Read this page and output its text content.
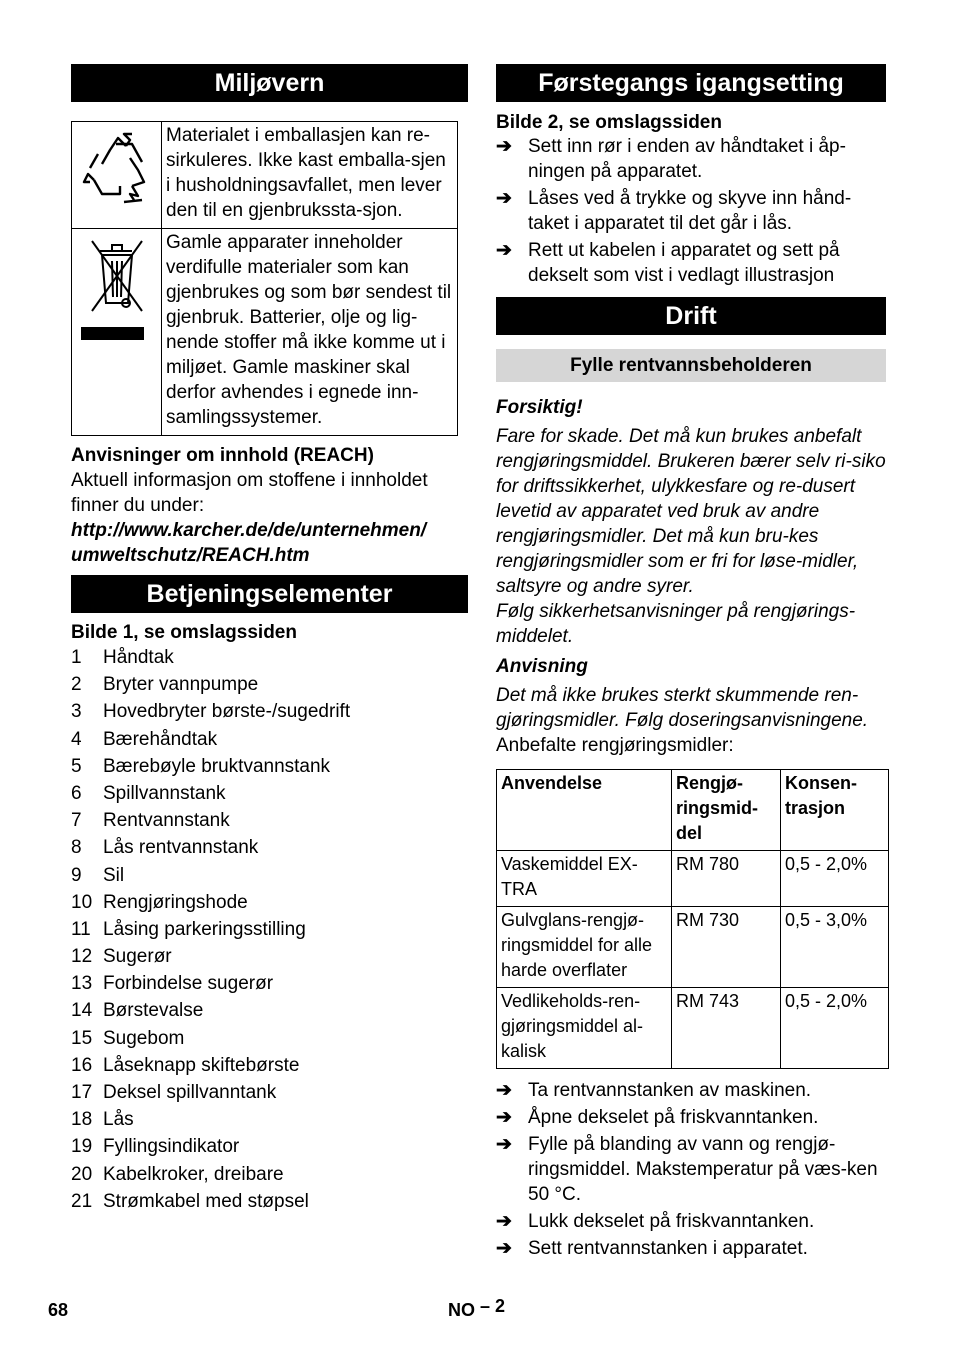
Miljøvern
	Materialet i emballasjen kan re-sirkuleres. Ikke kast emballa-sjen i husholdningsavfallet, men lever den til en gjenbrukssta-sjon.
	Gamle apparater inneholder verdifulle materialer som kan gjenbrukes og som bør sendest til gjenbruk. Batterier, olje og lig-nende stoffer må ikke komme ut i miljøet. Gamle maskiner skal derfor avhendes i egnede inn-samlingssystemer.
Anvisninger om innhold (REACH)
Aktuell informasjon om stoffene i innholdet finner du under:
http://www.karcher.de/de/unternehmen/
umweltschutz/REACH.htm
Betjeningselementer
Bilde 1, se omslagssiden
1	Håndtak
2	Bryter vannpumpe
3	Hovedbryter børste-/sugedrift
4	Bærehåndtak
5	Bærebøyle bruktvannstank
6	Spillvannstank
7	Rentvannstank
8	Lås rentvannstank
9	Sil
10 Rengjøringshode
11 Låsing parkeringsstilling
12 Sugerør
13 Forbindelse sugerør
14 Børstevalse
15 Sugebom
16 Låseknapp skiftebørste
17 Deksel spillvanntank
18 Lås
19 Fyllingsindikator
20 Kabelkroker, dreibare
21 Strømkabel med støpsel
Førstegangs igangsetting
Bilde 2, se omslagssiden
➔ Sett inn rør i enden av håndtaket i åp-ningen på apparatet.
➔ Låses ved å trykke og skyve inn hånd-taket i apparatet til det går i lås.
➔ Rett ut kabelen i apparatet og sett på dekselt som vist i vedlagt illustrasjon
Drift
Fylle rentvannsbeholderen
Forsiktig!
Fare for skade. Det må kun brukes anbefalt rengjøringsmiddel. Brukeren bærer selv ri-siko for driftssikkerhet, ulykkesfare og re-dusert levetid av apparatet ved bruk av andre rengjøringsmidler. Det må kun bru-kes rengjøringsmidler som er fri for løse-midler, saltsyre og andre syrer.
Følg sikkerhetsanvisninger på rengjørings-middelet.
Anvisning
Det må ikke brukes sterkt skummende ren-gjøringsmidler. Følg doseringsanvisningene.
Anbefalte rengjøringsmidler:
Anvendelse	Rengjø-ringsmid-del	Konsen-trasjon
Vaskemiddel EX-TRA	RM 780	0,5 - 2,0%
Gulvglans-rengjø-ringsmiddel for alle harde overflater	RM 730	0,5 - 3,0%
Vedlikeholds-ren-gjøringsmiddel al-kalisk	RM 743	0,5 - 2,0%
➔ Ta rentvannstanken av maskinen.
➔ Åpne dekselet på friskvanntanken.
➔ Fylle på blanding av vann og rengjø-ringsmiddel. Makstemperatur på væs-ken 50 °C.
➔ Lukk dekselet på friskvanntanken.
➔ Sett rentvannstanken i apparatet.
68	NO – 2
